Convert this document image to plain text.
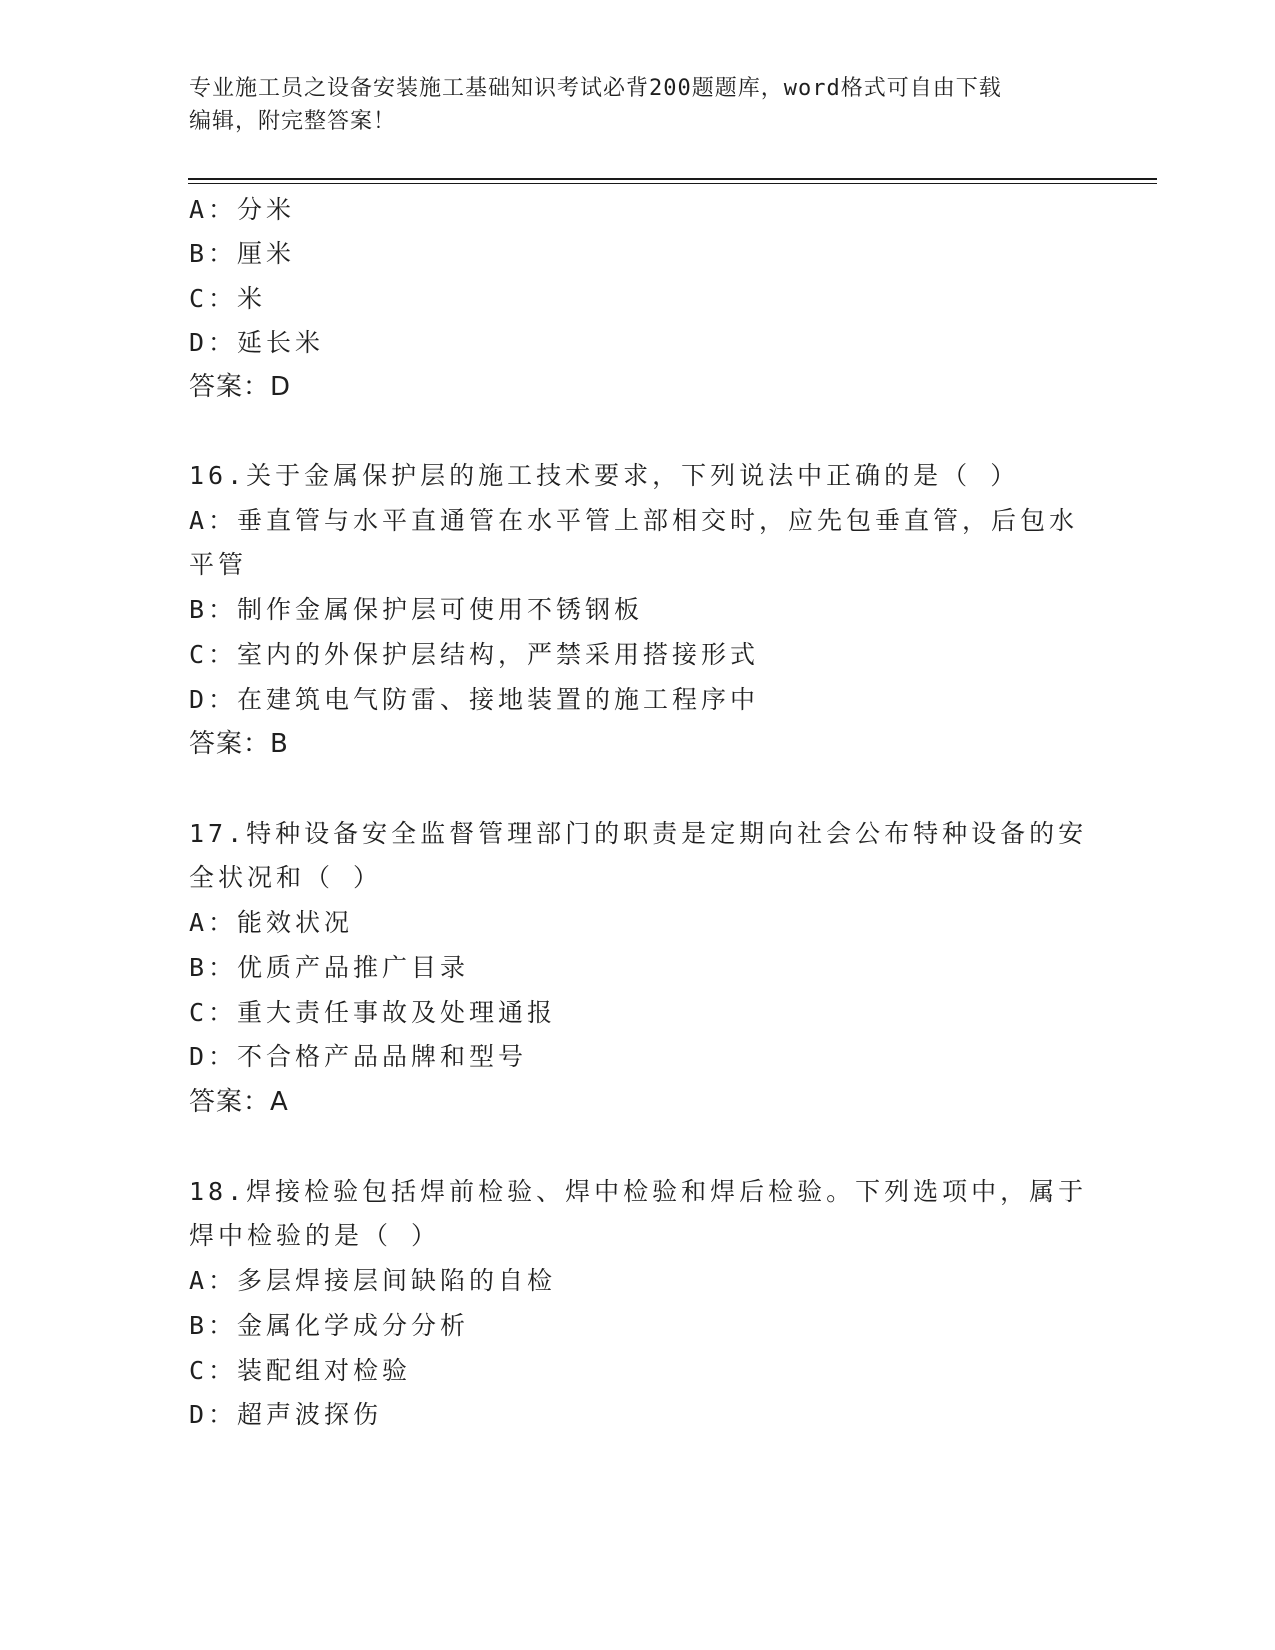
专业施工员之设备安装施工基础知识考试必背200题题库，word格式可自由下载
编辑，附完整答案！
A：分米
B：厘米
C：米
D：延长米
答案：D
16.关于金属保护层的施工技术要求，下列说法中正确的是（ ）
A：垂直管与水平直通管在水平管上部相交时，应先包垂直管，后包水
平管
B：制作金属保护层可使用不锈钢板
C：室内的外保护层结构，严禁采用搭接形式
D：在建筑电气防雷、接地装置的施工程序中
答案：B
17.特种设备安全监督管理部门的职责是定期向社会公布特种设备的安
全状况和（ ）
A：能效状况
B：优质产品推广目录
C：重大责任事故及处理通报
D：不合格产品品牌和型号
答案：A
18.焊接检验包括焊前检验、焊中检验和焊后检验。下列选项中，属于
焊中检验的是（ ）
A：多层焊接层间缺陷的自检
B：金属化学成分分析
C：装配组对检验
D：超声波探伤
